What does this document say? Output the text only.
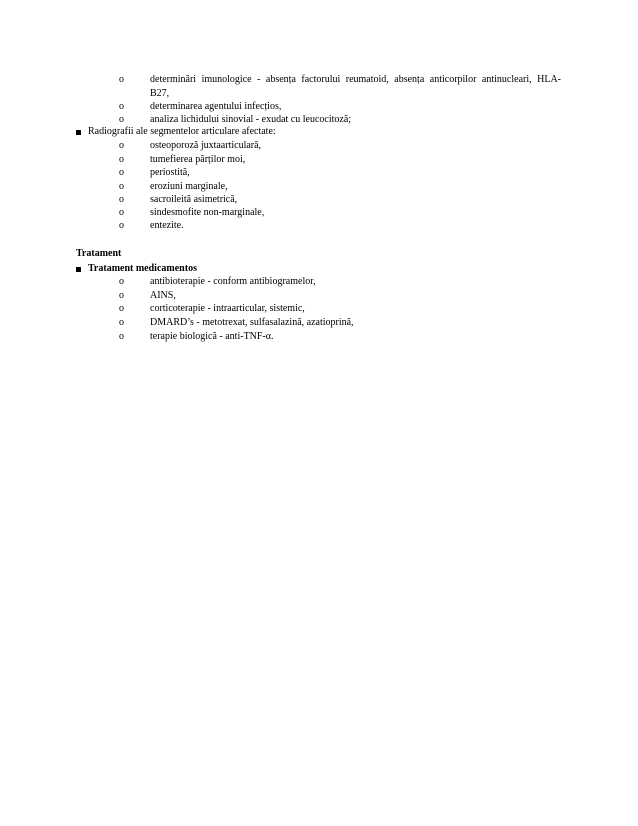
o	determinări imunologice - absența factorului reumatoid, absența anticorpilor antinucleari, HLA-
B27,
o	determinarea agentului infecțios,
o	analiza lichidului sinovial - exudat cu leucocitoză;
Radiografii ale segmentelor articulare afectate:
o	osteoporoză juxtaarticulară,
o	tumefierea părților moi,
o	periostită,
o	eroziuni marginale,
o	sacroileită asimetrică,
o	sindesmofite non-marginale,
o	entezite.
Tratament
Tratament medicamentos
o	antibioterapie - conform antibiogramelor,
o	AINS,
o	corticoterapie - intraarticular, sistemic,
o	DMARD’s - metotrexat, sulfasalazină, azatioprină,
o	terapie biologică - anti-TNF-α.
